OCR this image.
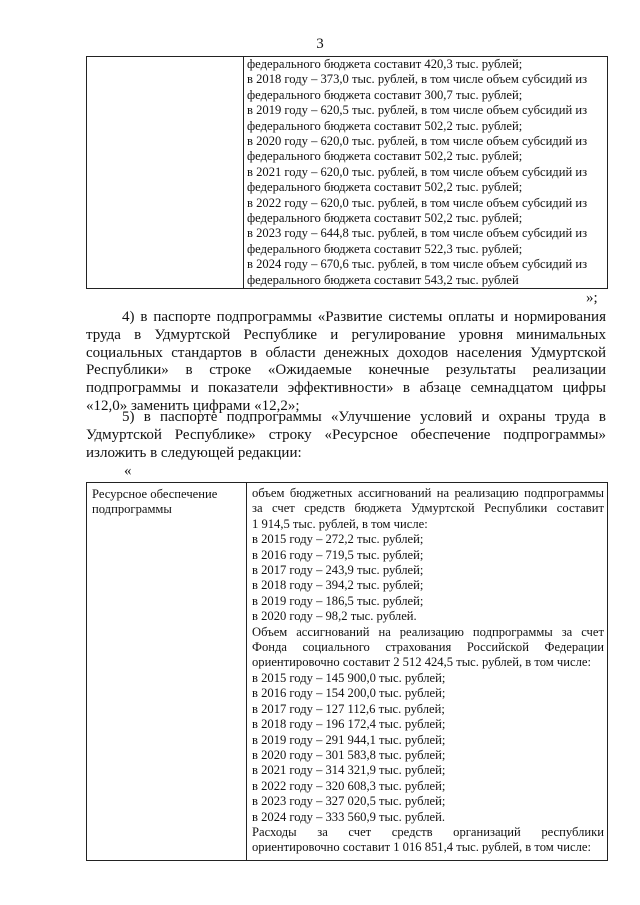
3

федерального бюджета составит 420,3 тыс. рублей;
в 2018 году – 373,0 тыс. рублей, в том числе объем субсидий из
федерального бюджета составит 300,7 тыс. рублей;
в 2019 году – 620,5 тыс. рублей, в том числе объем субсидий из
федерального бюджета составит 502,2 тыс. рублей;
в 2020 году – 620,0 тыс. рублей, в том числе объем субсидий из
федерального бюджета составит 502,2 тыс. рублей;
в 2021 году – 620,0 тыс. рублей, в том числе объем субсидий из
федерального бюджета составит 502,2 тыс. рублей;
в 2022 году – 620,0 тыс. рублей, в том числе объем субсидий из
федерального бюджета составит 502,2 тыс. рублей;
в 2023 году – 644,8 тыс. рублей, в том числе объем субсидий из
федерального бюджета составит 522,3 тыс. рублей;
в 2024 году – 670,6 тыс. рублей, в том числе объем субсидий из
федерального бюджета составит 543,2 тыс. рублей
»;
4) в паспорте подпрограммы «Развитие системы оплаты и нормирования
труда в Удмуртской Республике и регулирование уровня минимальных
социальных стандартов в области денежных доходов населения Удмуртской
Республики» в строке «Ожидаемые конечные результаты реализации
подпрограммы и показатели эффективности» в абзаце семнадцатом цифры
«12,0» заменить цифрами «12,2»;
5) в паспорте подпрограммы «Улучшение условий и охраны труда в
Удмуртской Республике» строку «Ресурсное обеспечение подпрограммы»
изложить в следующей редакции:
«
Ресурсное обеспечение
подпрограммы

объем бюджетных ассигнований на реализацию подпрограммы
за счет средств бюджета Удмуртской Республики составит
1 914,5 тыс. рублей, в том числе:
в 2015 году – 272,2 тыс. рублей;
в 2016 году – 719,5 тыс. рублей;
в 2017 году – 243,9 тыс. рублей;
в 2018 году – 394,2 тыс. рублей;
в 2019 году – 186,5 тыс. рублей;
в 2020 году – 98,2 тыс. рублей.
Объем ассигнований на реализацию подпрограммы за счет
Фонда социального страхования Российской Федерации
ориентировочно составит 2 512 424,5 тыс. рублей, в том числе:
в 2015 году – 145 900,0 тыс. рублей;
в 2016 году – 154 200,0 тыс. рублей;
в 2017 году – 127 112,6 тыс. рублей;
в 2018 году – 196 172,4 тыс. рублей;
в 2019 году – 291 944,1 тыс. рублей;
в 2020 году – 301 583,8 тыс. рублей;
в 2021 году – 314 321,9 тыс. рублей;
в 2022 году – 320 608,3 тыс. рублей;
в 2023 году – 327 020,5 тыс. рублей;
в 2024 году – 333 560,9 тыс. рублей.
Расходы за счет средств организаций республики
ориентировочно составит 1 016 851,4 тыс. рублей, в том числе:
